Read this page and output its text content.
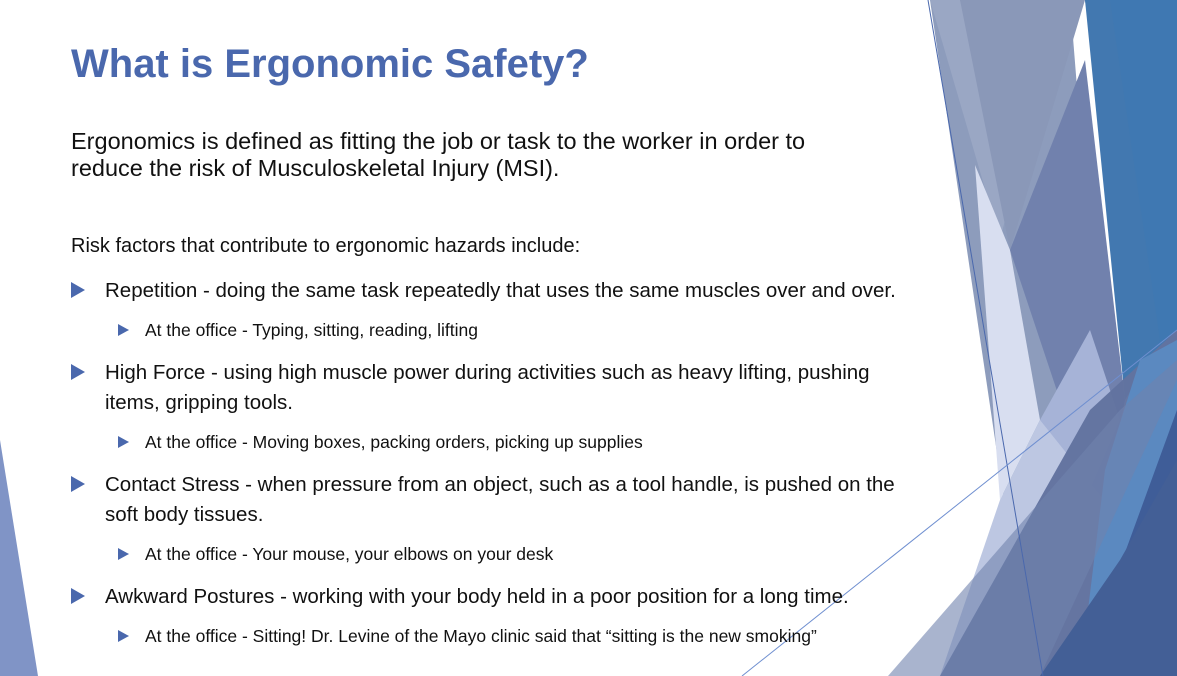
What is Ergonomic Safety?
Ergonomics is defined as fitting the job or task to the worker in order to reduce the risk of Musculoskeletal Injury (MSI).
Risk factors that contribute to ergonomic hazards include:
Repetition - doing the same task repeatedly that uses the same muscles over and over.
At the office - Typing, sitting, reading, lifting
High Force - using high muscle power during activities such as heavy lifting, pushing items, gripping tools.
At the office - Moving boxes, packing orders, picking up supplies
Contact Stress - when pressure from an object, such as a tool handle, is pushed on the soft body tissues.
At the office - Your mouse, your elbows on your desk
Awkward Postures - working with your body held in a poor position for a long time.
At the office - Sitting! Dr. Levine of the Mayo clinic said that “sitting is the new smoking”
